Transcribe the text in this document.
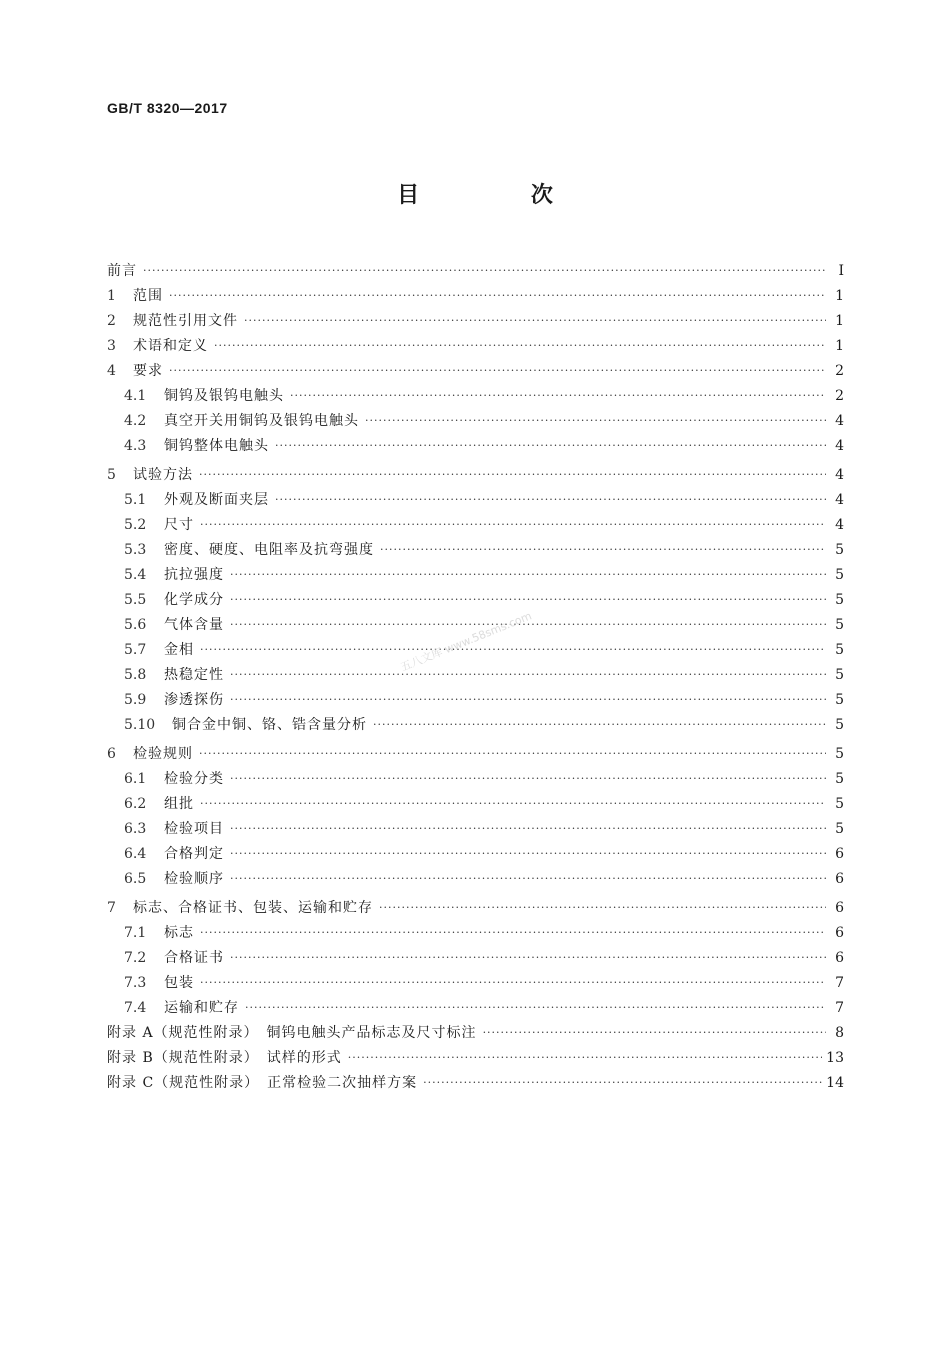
GB/T 8320—2017
目 次
前言 ·····	Ⅰ
1	范围 ·····	1
2	规范性引用文件 ·····	1
3	术语和定义 ·····	1
4	要求 ·····	2
4.1	铜钨及银钨电触头 ·····	2
4.2	真空开关用铜钨及银钨电触头 ·····	4
4.3	铜钨整体电触头 ·····	4
5	试验方法 ·····	4
5.1	外观及断面夹层 ·····	4
5.2	尺寸 ·····	4
5.3	密度、硬度、电阻率及抗弯强度 ·····	5
5.4	抗拉强度 ·····	5
5.5	化学成分 ·····	5
5.6	气体含量 ·····	5
5.7	金相 ·····	5
5.8	热稳定性 ·····	5
5.9	渗透探伤 ·····	5
5.10	铜合金中铜、铬、锆含量分析 ·····	5
6	检验规则 ·····	5
6.1	检验分类 ·····	5
6.2	组批 ·····	5
6.3	检验项目 ·····	5
6.4	合格判定 ·····	6
6.5	检验顺序 ·····	6
7	标志、合格证书、包装、运输和贮存 ·····	6
7.1	标志 ·····	6
7.2	合格证书 ·····	6
7.3	包装 ·····	7
7.4	运输和贮存 ·····	7
附录 A（规范性附录）　铜钨电触头产品标志及尺寸标注 ·····	8
附录 B（规范性附录）　试样的形式 ·····	13
附录 C（规范性附录）　正常检验二次抽样方案 ·····	14
五八文库 www.58sms.com
